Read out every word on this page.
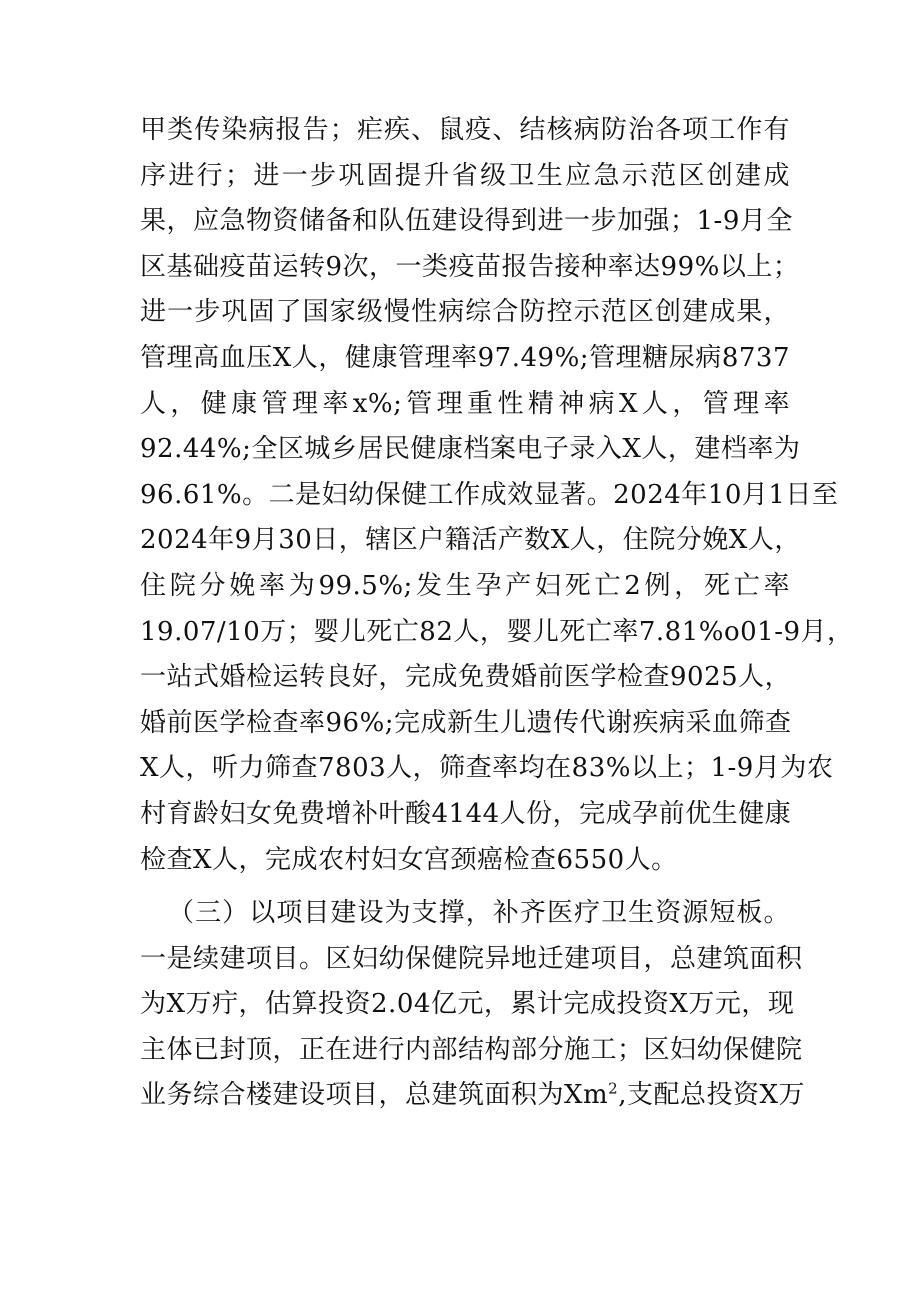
甲类传染病报告；疟疾、鼠疫、结核病防治各项工作有
序进行；进一步巩固提升省级卫生应急示范区创建成
果，应急物资储备和队伍建设得到进一步加强；1-9月全
区基础疫苗运转9次，一类疫苗报告接种率达99%以上；
进一步巩固了国家级慢性病综合防控示范区创建成果，
管理高血压X人，健康管理率97.49%;管理糖尿病8737
人，健康管理率x%;管理重性精神病X人，管理率
92.44%;全区城乡居民健康档案电子录入X人，建档率为
96.61%。二是妇幼保健工作成效显著。2024年10月1日至
2024年9月30日，辖区户籍活产数X人，住院分娩X人，
住院分娩率为99.5%;发生孕产妇死亡2例，死亡率
19.07/10万；婴儿死亡82人，婴儿死亡率7.81%o01-9月，
一站式婚检运转良好，完成免费婚前医学检查9025人，
婚前医学检查率96%;完成新生儿遗传代谢疾病采血筛查
X人，听力筛查7803人，筛查率均在83%以上；1-9月为农
村育龄妇女免费增补叶酸4144人份，完成孕前优生健康
检查X人，完成农村妇女宫颈癌检查6550人。
（三）以项目建设为支撑，补齐医疗卫生资源短板。
一是续建项目。区妇幼保健院异地迁建项目，总建筑面积
为X万疔，估算投资2.04亿元，累计完成投资X万元，现
主体已封顶，正在进行内部结构部分施工；区妇幼保健院
业务综合楼建设项目，总建筑面积为Xm$^2$,支配总投资X万
